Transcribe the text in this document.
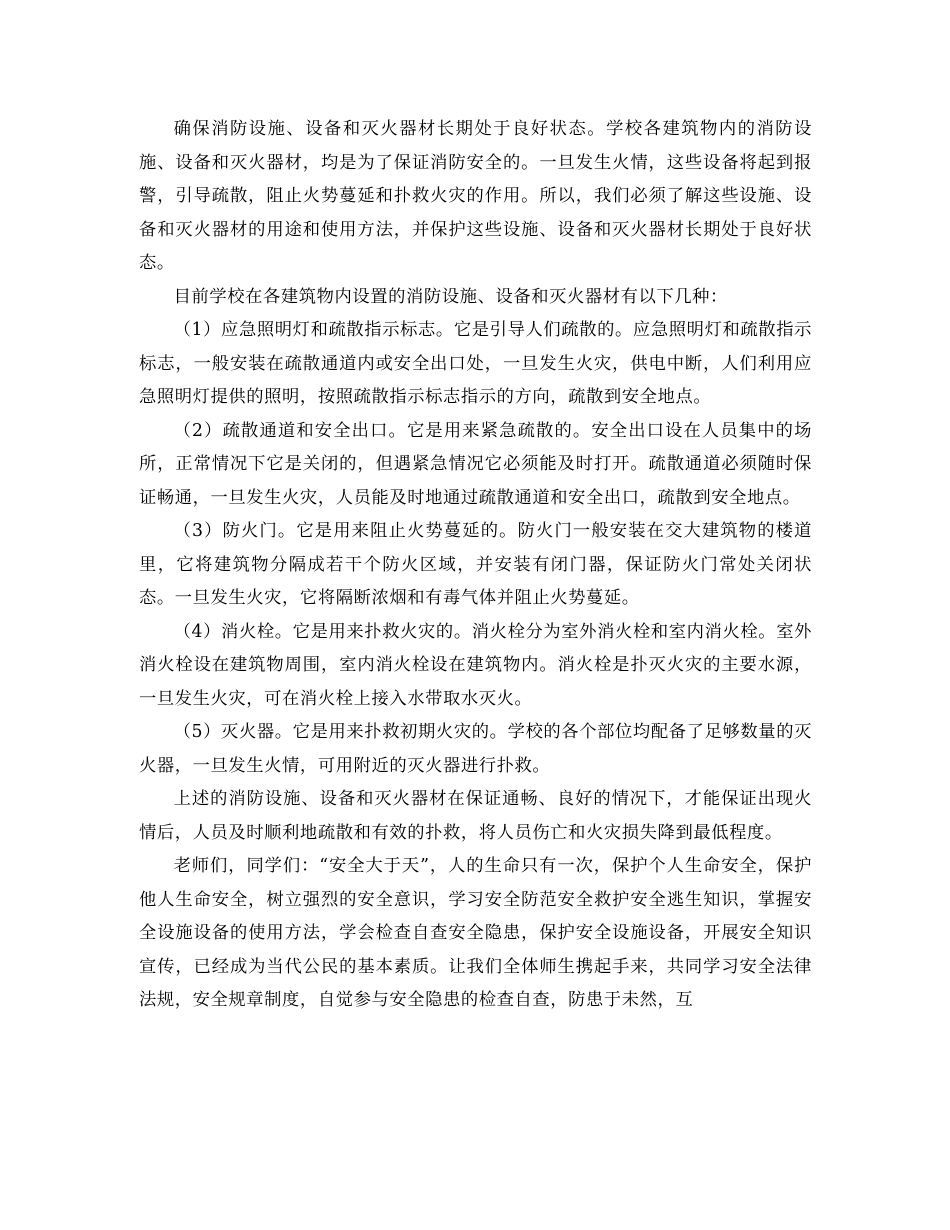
确保消防设施、设备和灭火器材长期处于良好状态。学校各建筑物内的消防设施、设备和灭火器材，均是为了保证消防安全的。一旦发生火情，这些设备将起到报警，引导疏散，阻止火势蔓延和扑救火灾的作用。所以，我们必须了解这些设施、设备和灭火器材的用途和使用方法，并保护这些设施、设备和灭火器材长期处于良好状态。

目前学校在各建筑物内设置的消防设施、设备和灭火器材有以下几种：

（1）应急照明灯和疏散指示标志。它是引导人们疏散的。应急照明灯和疏散指示标志，一般安装在疏散通道内或安全出口处，一旦发生火灾，供电中断，人们利用应急照明灯提供的照明，按照疏散指示标志指示的方向，疏散到安全地点。

（2）疏散通道和安全出口。它是用来紧急疏散的。安全出口设在人员集中的场所，正常情况下它是关闭的，但遇紧急情况它必须能及时打开。疏散通道必须随时保证畅通，一旦发生火灾，人员能及时地通过疏散通道和安全出口，疏散到安全地点。

（3）防火门。它是用来阻止火势蔓延的。防火门一般安装在交大建筑物的楼道里，它将建筑物分隔成若干个防火区域，并安装有闭门器，保证防火门常处关闭状态。一旦发生火灾，它将隔断浓烟和有毒气体并阻止火势蔓延。

（4）消火栓。它是用来扑救火灾的。消火栓分为室外消火栓和室内消火栓。室外消火栓设在建筑物周围，室内消火栓设在建筑物内。消火栓是扑灭火灾的主要水源，一旦发生火灾，可在消火栓上接入水带取水灭火。

（5）灭火器。它是用来扑救初期火灾的。学校的各个部位均配备了足够数量的灭火器，一旦发生火情，可用附近的灭火器进行扑救。

上述的消防设施、设备和灭火器材在保证通畅、良好的情况下，才能保证出现火情后，人员及时顺利地疏散和有效的扑救，将人员伤亡和火灾损失降到最低程度。

老师们，同学们：“安全大于天”，人的生命只有一次，保护个人生命安全，保护他人生命安全，树立强烈的安全意识，学习安全防范安全救护安全逃生知识，掌握安全设施设备的使用方法，学会检查自查安全隐患，保护安全设施设备，开展安全知识宣传，已经成为当代公民的基本素质。让我们全体师生携起手来，共同学习安全法律法规，安全规章制度，自觉参与安全隐患的检查自查，防患于未然，互
